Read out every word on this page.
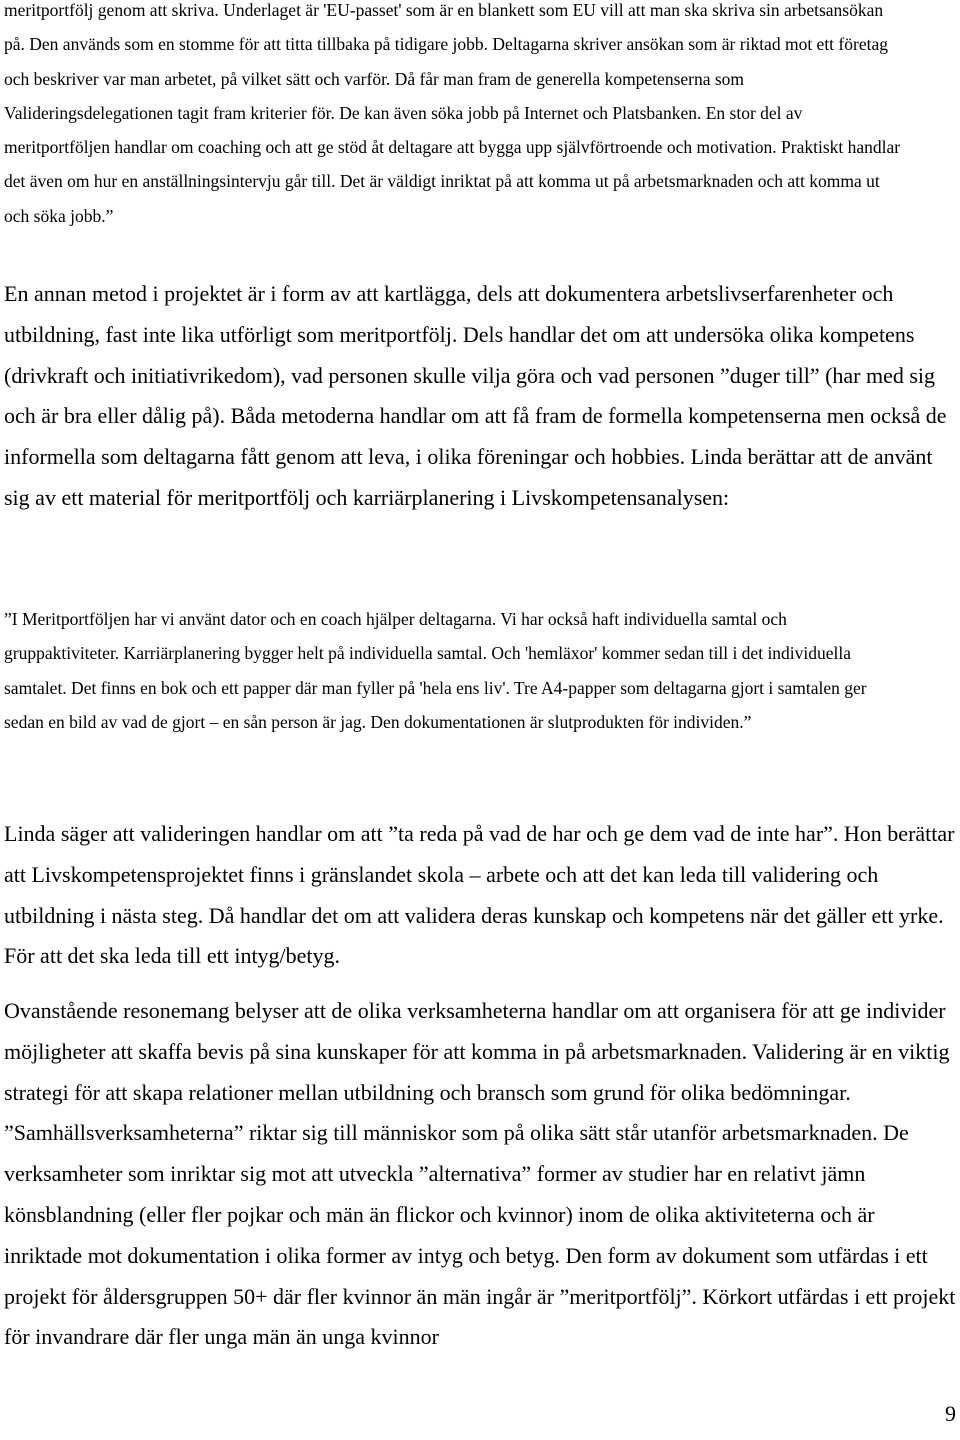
meritportfölj genom att skriva. Underlaget är 'EU-passet' som är en blankett som EU vill att man ska skriva sin arbetsansökan på. Den används som en stomme för att titta tillbaka på tidigare jobb. Deltagarna skriver ansökan som är riktad mot ett företag och beskriver var man arbetet, på vilket sätt och varför. Då får man fram de generella kompetenserna som Valideringsdelegationen tagit fram kriterier för. De kan även söka jobb på Internet och Platsbanken. En stor del av meritportföljen handlar om coaching och att ge stöd åt deltagare att bygga upp självförtroende och motivation. Praktiskt handlar det även om hur en anställningsintervju går till. Det är väldigt inriktat på att komma ut på arbetsmarknaden och att komma ut och söka jobb.”

En annan metod i projektet är i form av att kartlägga, dels att dokumentera arbetslivserfarenheter och utbildning, fast inte lika utförligt som meritportfölj. Dels handlar det om att undersöka olika kompetens (drivkraft och initiativrikedom), vad personen skulle vilja göra och vad personen ”duger till” (har med sig och är bra eller dålig på). Båda metoderna handlar om att få fram de formella kompetenserna men också de informella som deltagarna fått genom att leva, i olika föreningar och hobbies. Linda berättar att de använt sig av ett material för meritportfölj och karriärplanering i Livskompetensanalysen:

”I Meritportföljen har vi använt dator och en coach hjälper deltagarna. Vi har också haft individuella samtal och gruppaktiviteter. Karriärplanering bygger helt på individuella samtal. Och 'hemläxor' kommer sedan till i det individuella samtalet. Det finns en bok och ett papper där man fyller på 'hela ens liv'. Tre A4-papper som deltagarna gjort i samtalen ger sedan en bild av vad de gjort – en sån person är jag. Den dokumentationen är slutprodukten för individen.”

Linda säger att valideringen handlar om att ”ta reda på vad de har och ge dem vad de inte har”. Hon berättar att Livskompetensprojektet finns i gränslandet skola – arbete och att det kan leda till validering och utbildning i nästa steg. Då handlar det om att validera deras kunskap och kompetens när det gäller ett yrke. För att det ska leda till ett intyg/betyg.

Ovanstående resonemang belyser att de olika verksamheterna handlar om att organisera för att ge individer möjligheter att skaffa bevis på sina kunskaper för att komma in på arbetsmarknaden. Validering är en viktig strategi för att skapa relationer mellan utbildning och bransch som grund för olika bedömningar. ”Samhällsverksamheterna” riktar sig till människor som på olika sätt står utanför arbetsmarknaden. De verksamheter som inriktar sig mot att utveckla ”alternativa” former av studier har en relativt jämn könsblandning (eller fler pojkar och män än flickor och kvinnor) inom de olika aktiviteterna och är inriktade mot dokumentation i olika former av intyg och betyg. Den form av dokument som utfärdas i ett projekt för åldersgruppen 50+ där fler kvinnor än män ingår är ”meritportfölj”. Körkort utfärdas i ett projekt för invandrare där fler unga män än unga kvinnor

9
